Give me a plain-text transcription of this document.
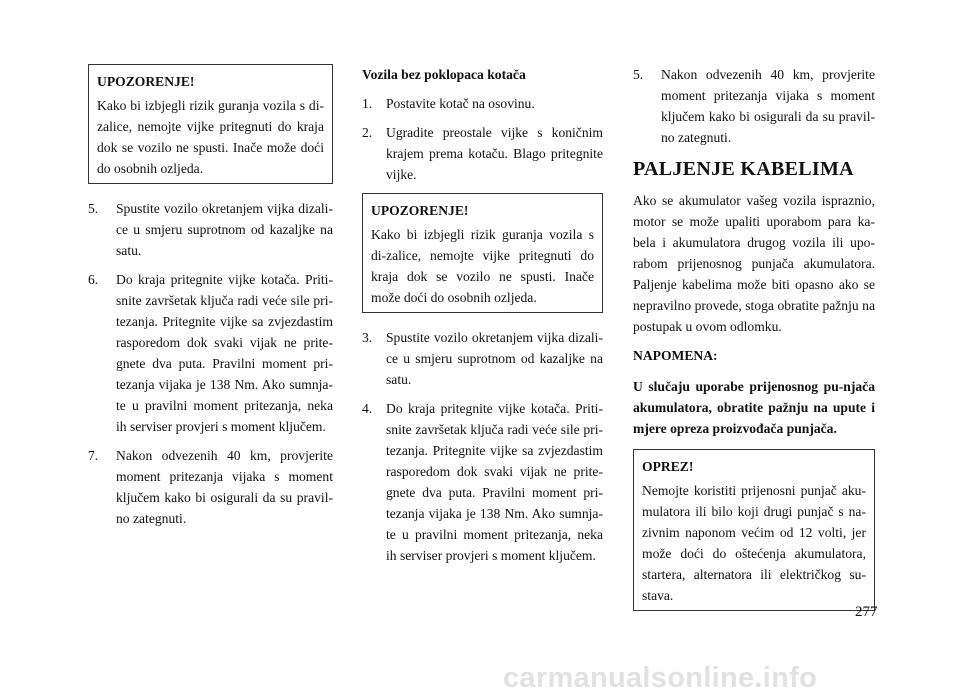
UPOZORENJE!

Kako bi izbjegli rizik guranja vozila s di-zalice, nemojte vijke pritegnuti do kraja dok se vozilo ne spusti. Inače može doći do osobnih ozljeda.

5. Spustite vozilo okretanjem vijka dizali-ce u smjeru suprotnom od kazaljke na satu.
6. Do kraja pritegnite vijke kotača. Priti-snite završetak ključa radi veće sile pri-tezanja. Pritegnite vijke sa zvjezdastim rasporedom dok svaki vijak ne prite-gnete dva puta. Pravilni moment pri-tezanja vijaka je 138 Nm. Ako sumnja-te u pravilni moment pritezanja, neka ih serviser provjeri s moment ključem.
7. Nakon odvezenih 40 km, provjerite moment pritezanja vijaka s moment ključem kako bi osigurali da su pravil-no zategnuti.
Vozila bez poklopaca kotača
1. Postavite kotač na osovinu.
2. Ugradite preostale vijke s koničnim krajem prema kotaču. Blago pritegnite vijke.
UPOZORENJE!

Kako bi izbjegli rizik guranja vozila s di-zalice, nemojte vijke pritegnuti do kraja dok se vozilo ne spusti. Inače može doći do osobnih ozljeda.

3. Spustite vozilo okretanjem vijka dizali-ce u smjeru suprotnom od kazaljke na satu.
4. Do kraja pritegnite vijke kotača. Priti-snite završetak ključa radi veće sile pri-tezanja. Pritegnite vijke sa zvjezdastim rasporedom dok svaki vijak ne prite-gnete dva puta. Pravilni moment pri-tezanja vijaka je 138 Nm. Ako sumnja-te u pravilni moment pritezanja, neka ih serviser provjeri s moment ključem.
5. Nakon odvezenih 40 km, provjerite moment pritezanja vijaka s moment ključem kako bi osigurali da su pravil-no zategnuti.
PALJENJE KABELIMA

Ako se akumulator vašeg vozila ispraznio, motor se može upaliti uporabom para ka-bela i akumulatora drugog vozila ili upo-rabom prijenosnog punjača akumulatora. Paljenje kabelima može biti opasno ako se nepravilno provede, stoga obratite pažnju na postupak u ovom odlomku.

NAPOMENA:

U slučaju uporabe prijenosnog pu-njača akumulatora, obratite pažnju na upute i mjere opreza proizvođača punjača.

OPREZ!

Nemojte koristiti prijenosni punjač aku-mulatora ili bilo koji drugi punjač s na-zivnim naponom većim od 12 volti, jer može doći do oštećenja akumulatora, startera, alternatora ili električkog su-stava.

277
carmanualsonline.info
